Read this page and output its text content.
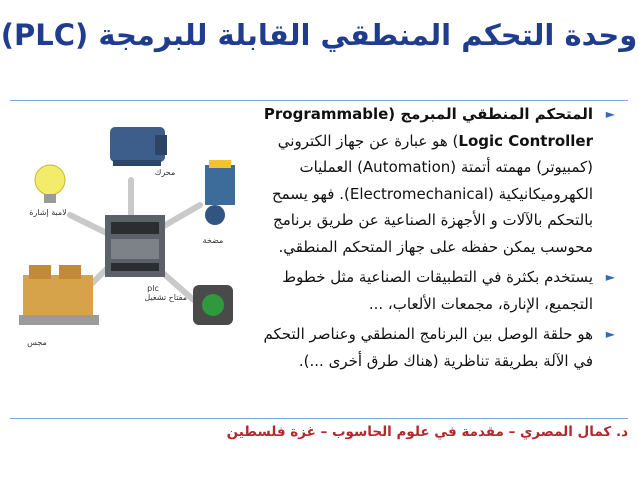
وحدة التحكم المنطقي القابلة للبرمجة (PLC)
لامبة إشارة
محرك
مضخة
plc
مجس
مفتاح تشغيل
►
المتحكم المنطقي المبرمج (Programmable Logic Controller) هو عبارة عن جهاز الكتروني (كمبيوتر) مهمته أتمتة (Automation) العمليات الكهروميكانيكية (Electromechanical). فهو يسمح بالتحكم بالآلات و الأجهزة الصناعية عن طريق برنامج محوسب يمكن حفظه على جهاز المتحكم المنطقي.
►
يستخدم بكثرة في التطبيقات الصناعية مثل خطوط التجميع، الإنارة، مجمعات الألعاب، ...
►
هو حلقة الوصل بين البرنامج المنطقي وعناصر التحكم في الآلة بطريقة تناظرية (هناك طرق أخرى ...).
د. كمال المصري – مقدمة في علوم الحاسوب – غزة فلسطين
